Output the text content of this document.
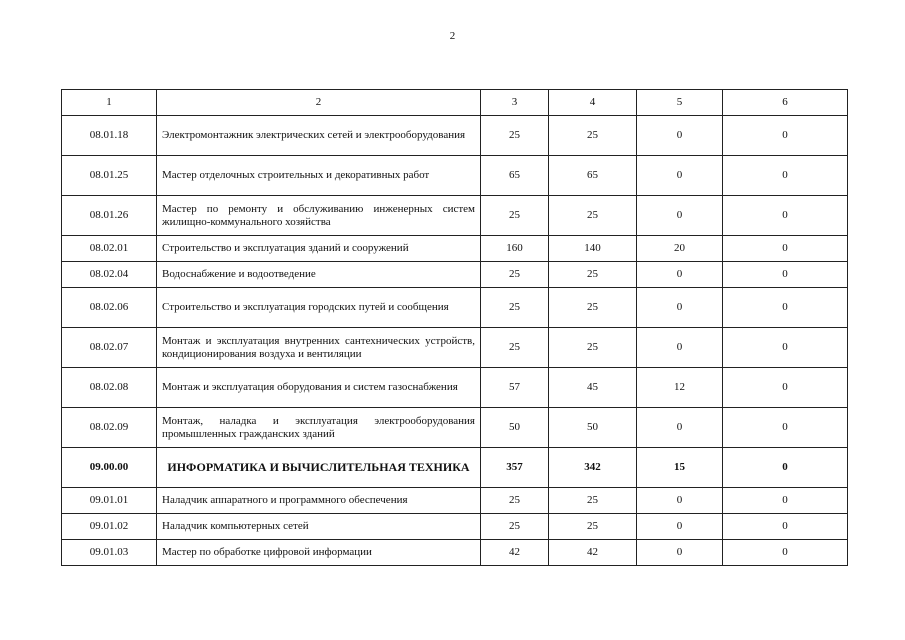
2
1	2	3	4	5	6
08.01.18	Электромонтажник электрических сетей и электрооборудования	25	25	0	0
08.01.25	Мастер отделочных строительных и декоративных работ	65	65	0	0
08.01.26	Мастер по ремонту и обслуживанию инженерных систем жилищно-коммунального хозяйства	25	25	0	0
08.02.01	Строительство и эксплуатация зданий и сооружений	160	140	20	0
08.02.04	Водоснабжение и водоотведение	25	25	0	0
08.02.06	Строительство и эксплуатация городских путей и сообщения	25	25	0	0
08.02.07	Монтаж и эксплуатация внутренних сантехнических устройств, кондиционирования воздуха и вентиляции	25	25	0	0
08.02.08	Монтаж и эксплуатация оборудования и систем газоснабжения	57	45	12	0
08.02.09	Монтаж, наладка и эксплуатация электрооборудования промышленных гражданских зданий	50	50	0	0
09.00.00	ИНФОРМАТИКА И ВЫЧИСЛИТЕЛЬНАЯ ТЕХНИКА	357	342	15	0
09.01.01	Наладчик аппаратного и программного обеспечения	25	25	0	0
09.01.02	Наладчик компьютерных сетей	25	25	0	0
09.01.03	Мастер по обработке цифровой информации	42	42	0	0
